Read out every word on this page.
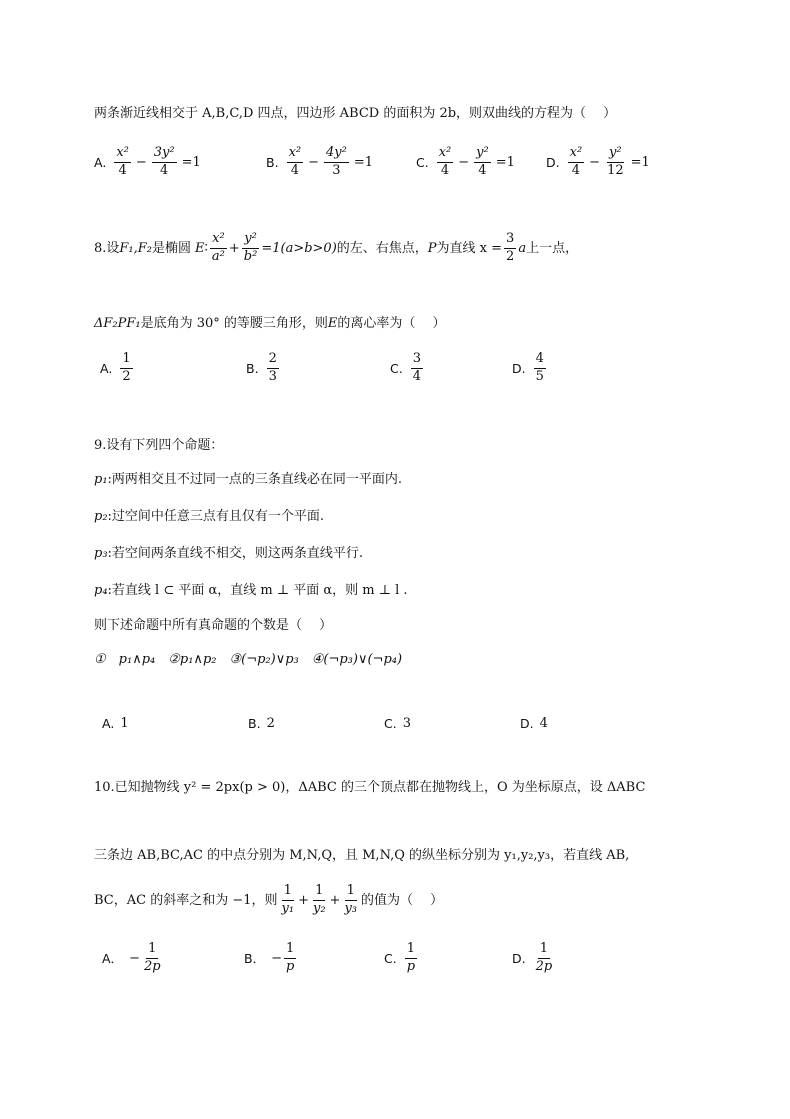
两条渐近线相交于 A,B,C,D 四点，四边形 ABCD 的面积为 2b，则双曲线的方程为（　 ）
A. $\frac{\text{x²}}{4} - \frac{\text{3y²}}{4} =1$	B. $\frac{\text{x²}}{4} - \frac{\text{4y²}}{3} =1$	C. $\frac{\text{x²}}{4} - \frac{\text{y²}}{4} =1$ D. $\frac{\text{x²}}{4} - \frac{\text{y²}}{12} =1$
8.设 F₁,F₂ 是椭圆 E ∶ $\frac{\text{x²}}{\text{a²}} + \frac{\text{y²}}{\text{b²}} =1(a>b>0)$ 的左、右焦点， P 为直线 $x = \frac{3}{2}$ a 上一点，
ΔF₂PF₁ 是底角为 30° 的等腰三角形，则 E 的离心率为（　 ）
A. $\frac{1}{2}$	B. $\frac{2}{3}$	C. $\frac{3}{4}$	D. $\frac{4}{5}$
9.设有下列四个命题：
p₁ :两两相交且不过同一点的三条直线必在同一平面内.
p₂ :过空间中任意三点有且仅有一个平面.
p₃ :若空间两条直线不相交，则这两条直线平行.
p₄ :若直线 l ⊂ 平面 α，直线 m ⊥ 平面 α，则 m ⊥ l .
则下述命题中所有真命题的个数是（　 ）
①　p₁∧p₄　②p₁∧p₂　③(¬p₂)∨p₃　④(¬p₃)∨(¬p₄)
A. 1	B. 2	C. 3	D. 4
10.已知抛物线 y² = 2px(p > 0)，ΔABC 的三个顶点都在抛物线上，O 为坐标原点，设 ΔABC
三条边 AB,BC,AC 的中点分别为 M,N,Q，且 M,N,Q 的纵坐标分别为 y₁,y₂,y₃，若直线 AB,
BC，AC 的斜率之和为 −1，则 $\frac{1}{\text{y₁}} + \frac{1}{\text{y₂}} + \frac{1}{\text{y₃}}$ 的值为（　 ）
A． − $\frac{1}{2p}$	B． − $\frac{1}{p}$	C. $\frac{1}{p}$	D. $\frac{1}{2p}$
